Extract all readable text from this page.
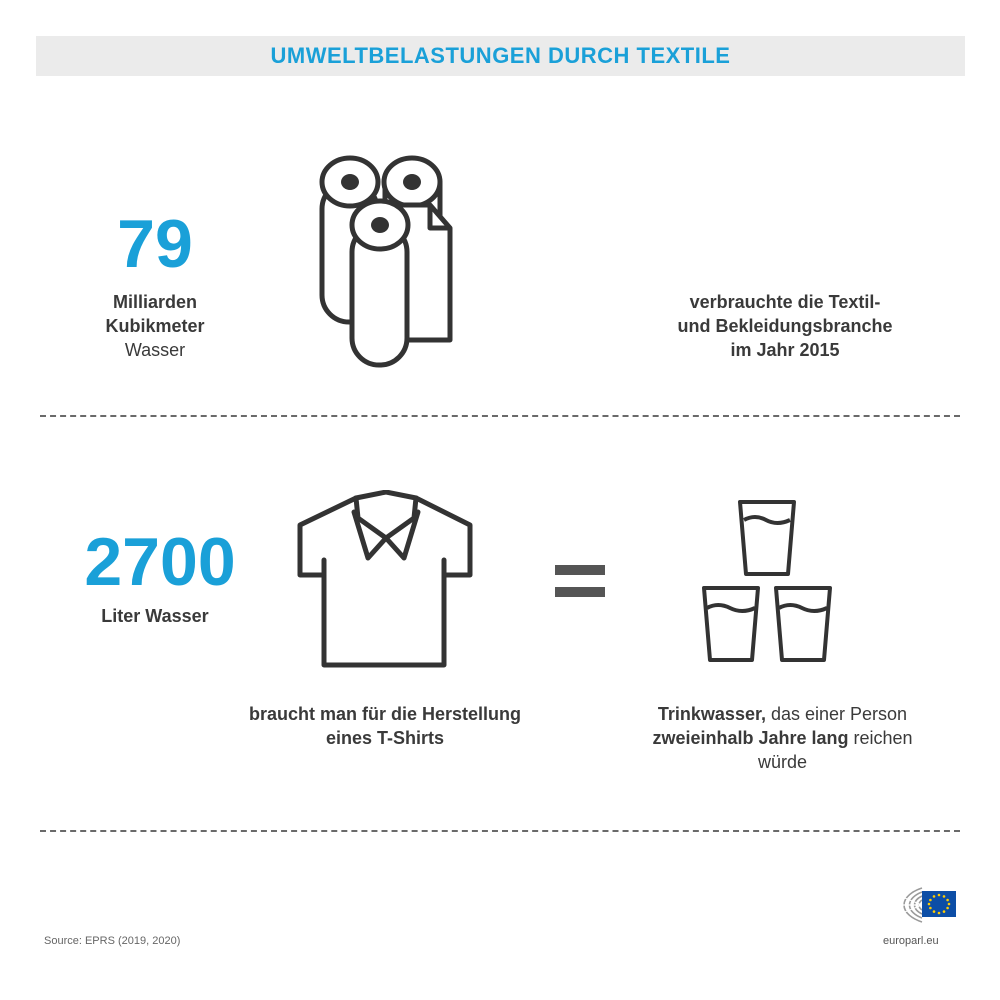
UMWELTBELASTUNGEN DURCH TEXTILE
79
Milliarden
Kubikmeter
Wasser
verbrauchte die Textil-
und Bekleidungsbranche
im Jahr 2015
2700
Liter Wasser
braucht man für die Herstellung
eines T-Shirts
Trinkwasser, das einer Person
zweieinhalb Jahre lang reichen
würde
Source: EPRS (2019, 2020)	europarl.eu
